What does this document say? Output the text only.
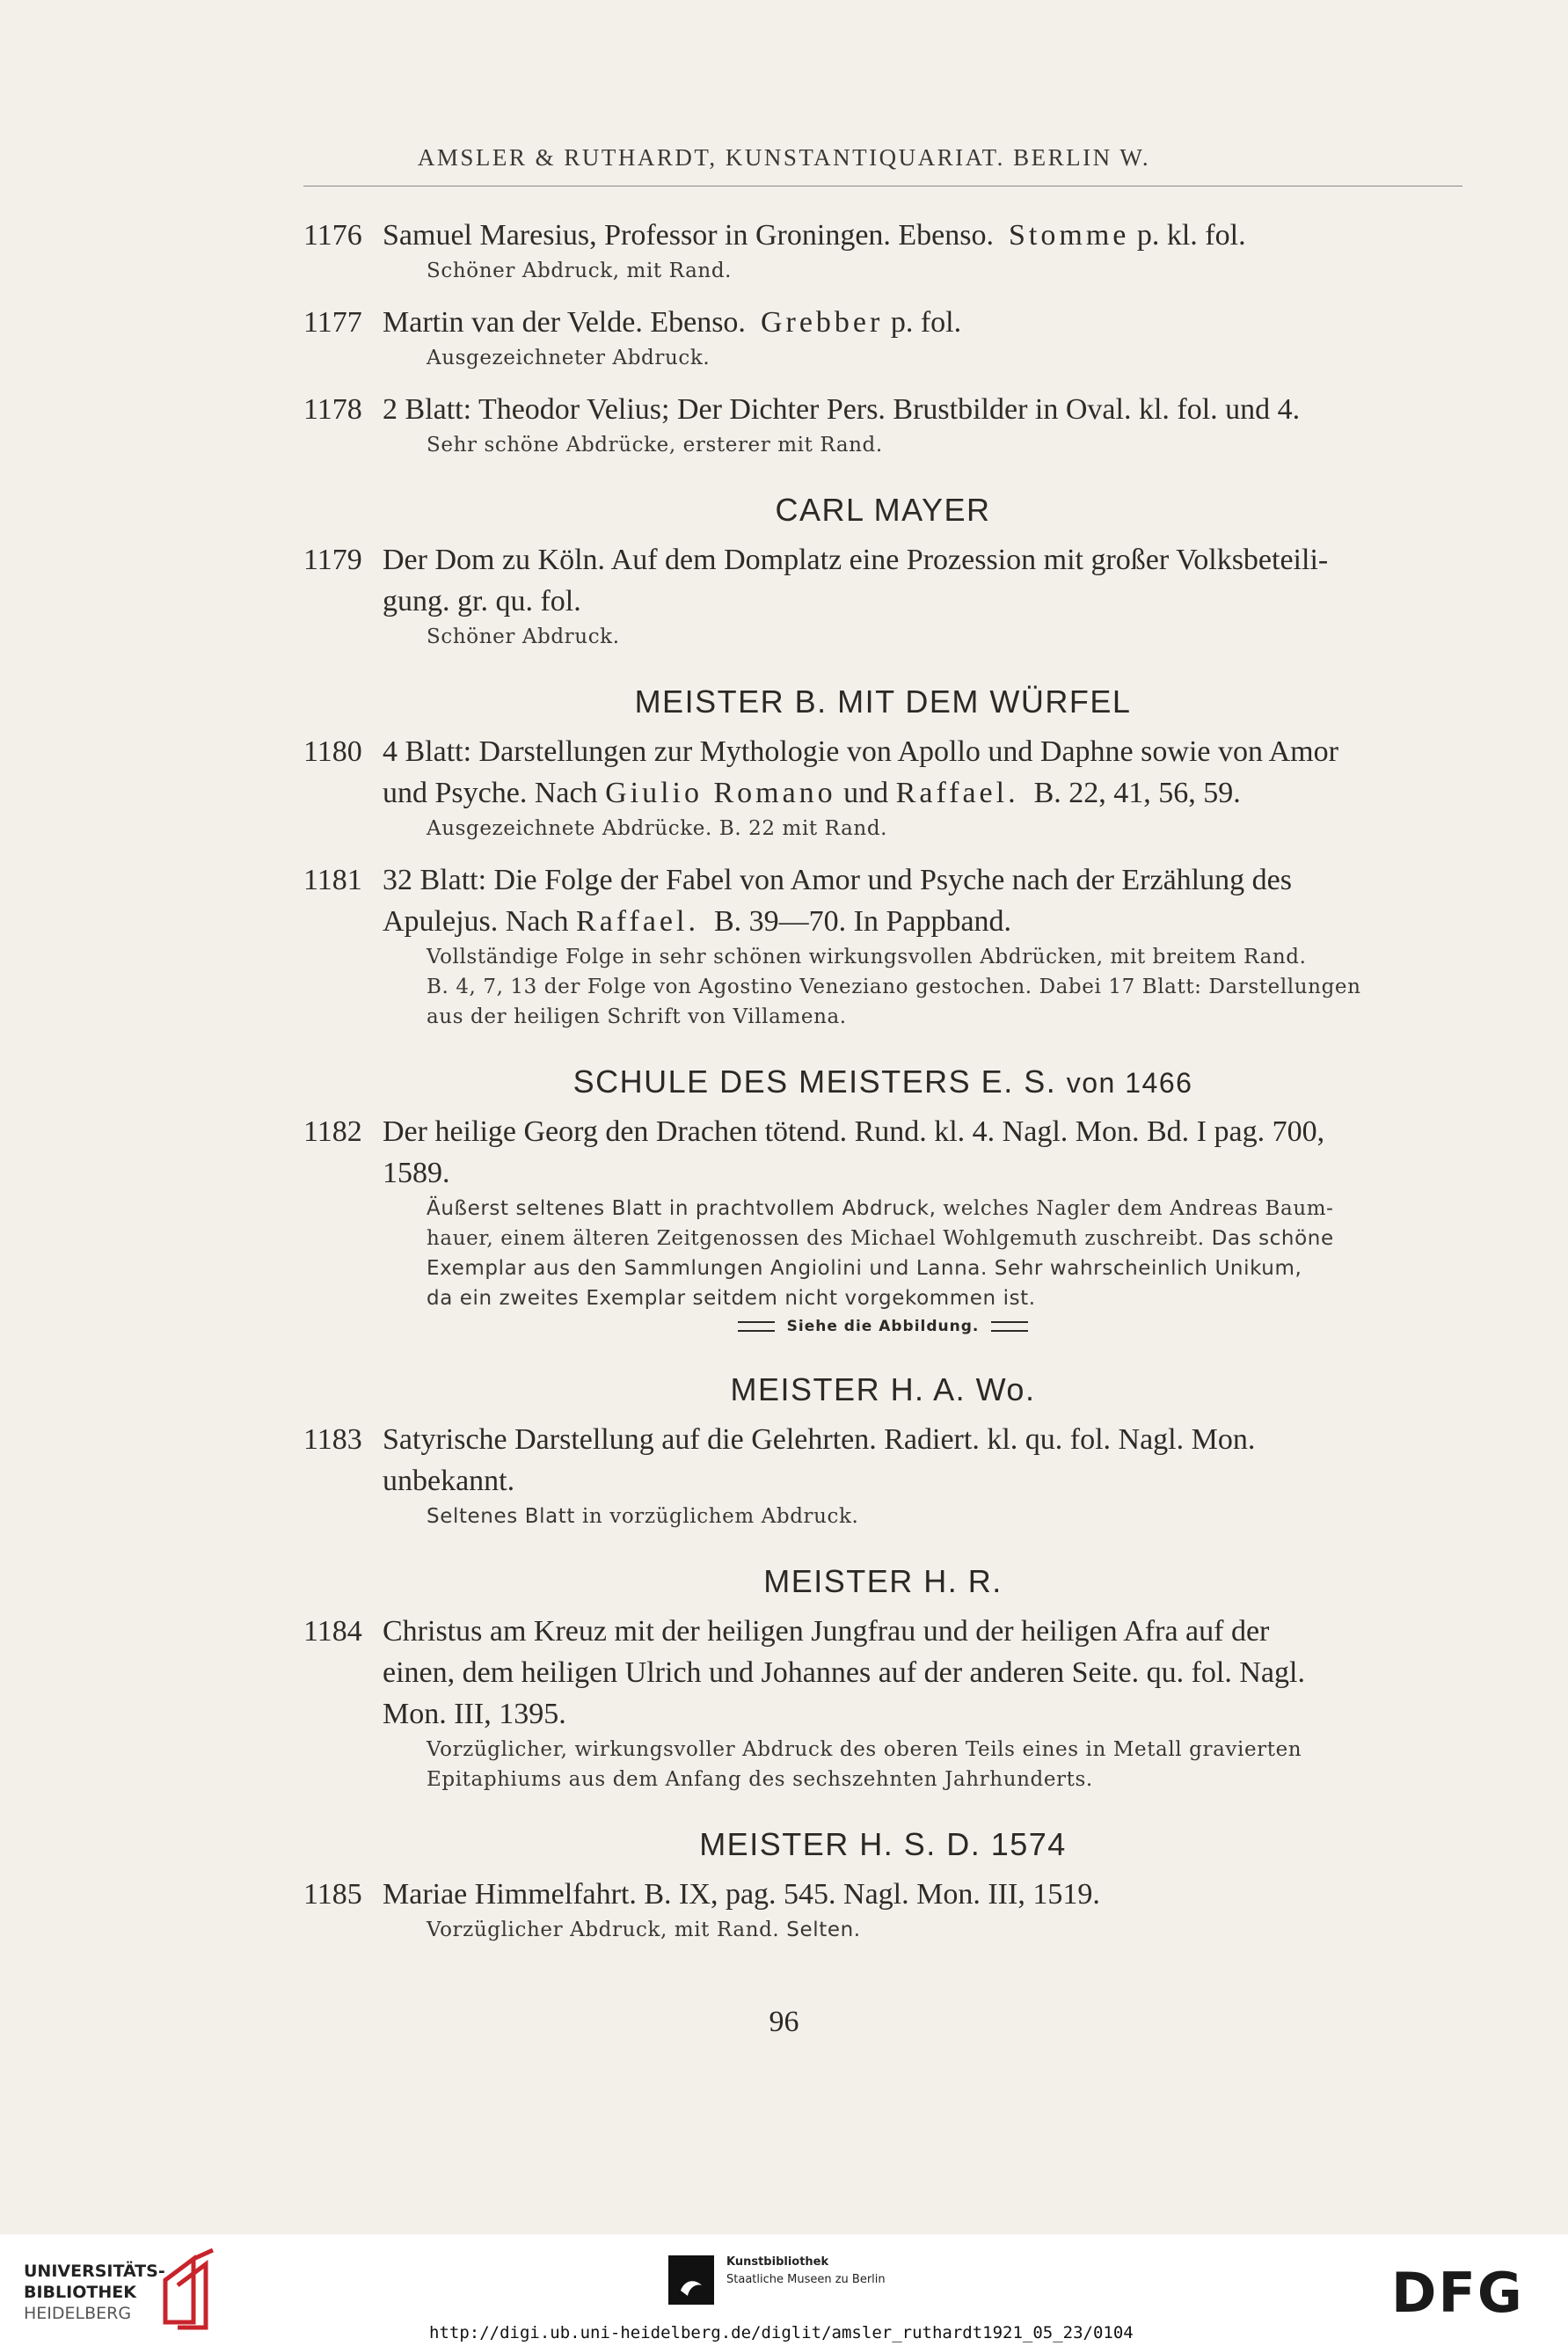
AMSLER & RUTHARDT, KUNSTANTIQUARIAT. BERLIN W.
1176 Samuel Maresius, Professor in Groningen. Ebenso. Stomme p. kl. fol.
Schöner Abdruck, mit Rand.
1177 Martin van der Velde. Ebenso. Grebber p. fol.
Ausgezeichneter Abdruck.
1178 2 Blatt: Theodor Velius; Der Dichter Pers. Brustbilder in Oval. kl. fol. und 4.
Sehr schöne Abdrücke, ersterer mit Rand.
CARL MAYER
1179 Der Dom zu Köln. Auf dem Domplatz eine Prozession mit großer Volksbeteili-
gung. gr. qu. fol.
Schöner Abdruck.
MEISTER B. MIT DEM WÜRFEL
1180 4 Blatt: Darstellungen zur Mythologie von Apollo und Daphne sowie von Amor
und Psyche. Nach Giulio Romano und Raffael. B. 22, 41, 56, 59.
Ausgezeichnete Abdrücke. B. 22 mit Rand.
1181 32 Blatt: Die Folge der Fabel von Amor und Psyche nach der Erzählung des
Apulejus. Nach Raffael. B. 39—70. In Pappband.
Vollständige Folge in sehr schönen wirkungsvollen Abdrücken, mit breitem Rand.
B. 4, 7, 13 der Folge von Agostino Veneziano gestochen. Dabei 17 Blatt: Darstellungen
aus der heiligen Schrift von Villamena.
SCHULE DES MEISTERS E. S. von 1466
1182 Der heilige Georg den Drachen tötend. Rund. kl. 4. Nagl. Mon. Bd. I pag. 700,
1589.
Äußerst seltenes Blatt in prachtvollem Abdruck, welches Nagler dem Andreas Baum-
hauer, einem älteren Zeitgenossen des Michael Wohlgemuth zuschreibt. Das schöne
Exemplar aus den Sammlungen Angiolini und Lanna. Sehr wahrscheinlich Unikum,
da ein zweites Exemplar seitdem nicht vorgekommen ist.
Siehe die Abbildung.
MEISTER H. A. Wo.
1183 Satyrische Darstellung auf die Gelehrten. Radiert. kl. qu. fol. Nagl. Mon.
unbekannt.
Seltenes Blatt in vorzüglichem Abdruck.
MEISTER H. R.
1184 Christus am Kreuz mit der heiligen Jungfrau und der heiligen Afra auf der
einen, dem heiligen Ulrich und Johannes auf der anderen Seite. qu. fol. Nagl.
Mon. III, 1395.
Vorzüglicher, wirkungsvoller Abdruck des oberen Teils eines in Metall gravierten
Epitaphiums aus dem Anfang des sechszehnten Jahrhunderts.
MEISTER H. S. D. 1574
1185 Mariae Himmelfahrt. B. IX, pag. 545. Nagl. Mon. III, 1519.
Vorzüglicher Abdruck, mit Rand. Selten.
96
UNIVERSITÄTS-
BIBLIOTHEK
HEIDELBERG
Kunstbibliothek
Staatliche Museen zu Berlin	DFG
http://digi.ub.uni-heidelberg.de/diglit/amsler_ruthardt1921_05_23/0104
